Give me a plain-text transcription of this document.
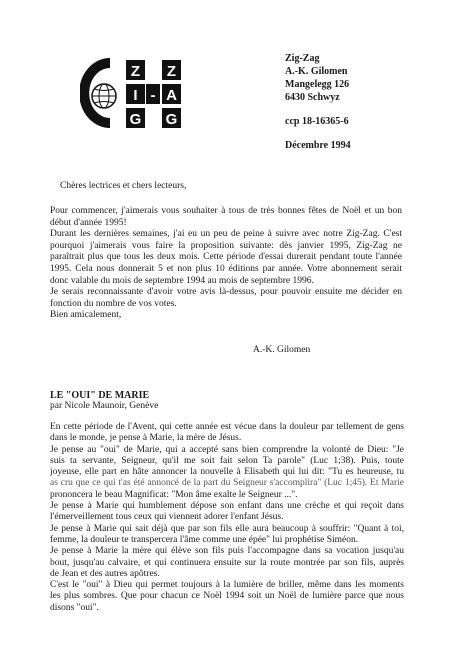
Z Z
I - A
G G
Zig-Zag
A.-K. Gilomen
Mangelegg 126
6430 Schwyz
ccp 18-16365-6
Décembre 1994
Chères lectrices et chers lecteurs,
Pour commencer, j'aimerais vous souhaiter à tous de très bonnes fêtes de Noël et un bon
début d'année 1995!
Durant les dernières semaines, j'ai eu un peu de peine à suivre avec notre Zig-Zag. C'est
pourquoi j'aimerais vous faire la proposition suivante: dès janvier 1995, Zig-Zag ne
paraîtrait plus que tous les deux mois. Cette période d'essai durerait pendant toute l'année
1995. Cela nous donnerait 5 et non plus 10 éditions par année. Votre abonnement serait
donc valable du mois de septembre 1994 au mois de septembre 1996.
Je serais reconnaissante d'avoir votre avis là-dessus, pour pouvoir ensuite me décider en
fonction du nombre de vos votes.
Bien amicalement,
A.-K. Gilomen
LE "OUI" DE MARIE
par Nicole Maunoir, Genève
En cette période de l'Avent, qui cette année est vécue dans la douleur par tellement de gens
dans le monde, je pense à Marie, la mère de Jésus.
Je pense au "oui" de Marie, qui a accepté sans bien comprendre la volonté de Dieu: "Je
suis ta servante, Seigneur, qu'il me soit fait selon Ta parole" (Luc 1;38). Puis, toute
joyeuse, elle part en hâte annoncer la nouvelle à Elisabeth qui lui dit: "Tu es heureuse, tu
as cru que ce qui t'as été annoncé de la part du Seigneur s'accomplira" (Luc 1;45). Et Marie
prononcera le beau Magnificat: "Mon âme exalte le Seigneur ...".
Je pense à Marie qui humblement dépose son enfant dans une crèche et qui reçoit dans
l'émerveillement tous ceux qui viennent adorer l'enfant Jésus.
Je pense à Marie qui sait déjà que par son fils elle aura beaucoup à souffrir: "Quant à toi,
femme, la douleur te transpercera l'âme comme une épée" lui prophétise Siméon.
Je pense à Marie la mère qui élève son fils puis l'accompagne dans sa vocation jusqu'au
bout, jusqu'au calvaire, et qui continuera ensuite sur la route montrée par son fils, auprès
de Jean et des autres apôtres.
C'est le "oui" à Dieu qui permet toujours à la lumière de briller, même dans les moments
les plus sombres. Que pour chacun ce Noël 1994 soit un Noël de lumière parce que nous
disons "oui".
